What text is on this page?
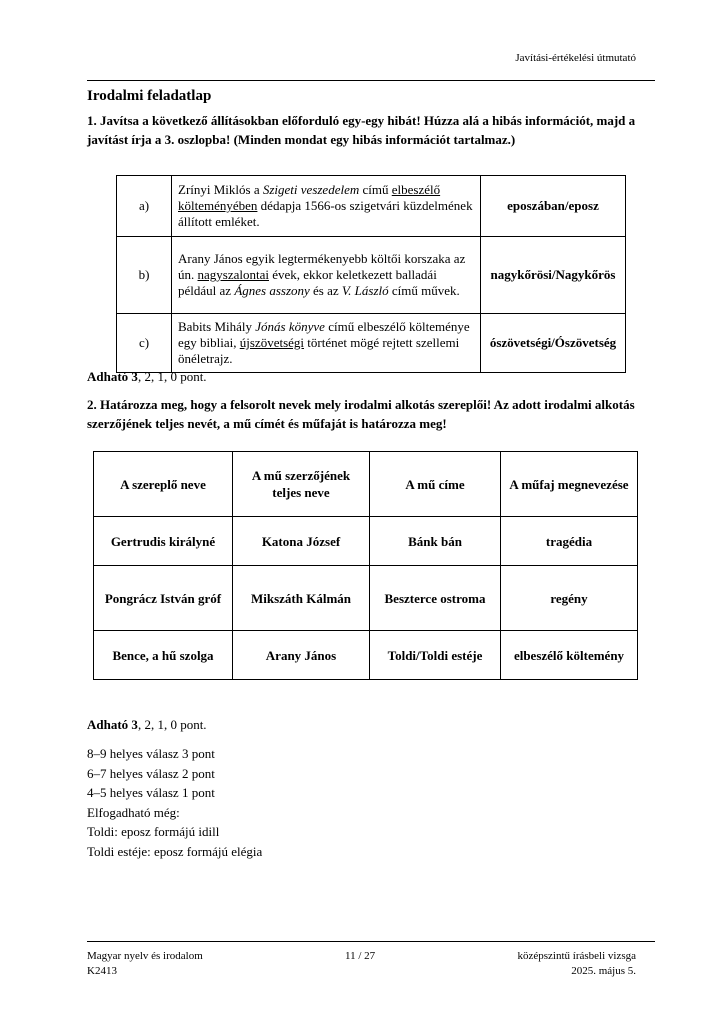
Javítási-értékelési útmutató
Irodalmi feladatlap
1. Javítsa a következő állításokban előforduló egy-egy hibát! Húzza alá a hibás információt, majd a javítást írja a 3. oszlopba! (Minden mondat egy hibás információt tartalmaz.)
a)	Zrínyi Miklós a Szigeti veszedelem című elbeszélő költeményében dédapja 1566-os szigetvári küzdelmének állított emléket.	eposzában/eposz
b)	Arany János egyik legtermékenyebb költői korszaka az ún. nagyszalontai évek, ekkor keletkezett balladái például az Ágnes asszony és az V. László című művek.	nagykőrösi/Nagykőrös
c)	Babits Mihály Jónás könyve című elbeszélő költeménye egy bibliai, újszövetségi történet mögé rejtett szellemi önéletrajz.	ószövetségi/Ószövetség
Adható 3, 2, 1, 0 pont.
2. Határozza meg, hogy a felsorolt nevek mely irodalmi alkotás szereplői! Az adott irodalmi alkotás szerzőjének teljes nevét, a mű címét és műfaját is határozza meg!
A szereplő neve	A mű szerzőjének teljes neve	A mű címe	A műfaj megnevezése
Gertrudis királyné	Katona József	Bánk bán	tragédia
Pongrácz István gróf	Mikszáth Kálmán	Beszterce ostroma	regény
Bence, a hű szolga	Arany János	Toldi/Toldi estéje	elbeszélő költemény
Adható 3, 2, 1, 0 pont.
8–9 helyes válasz 3 pont
6–7 helyes válasz 2 pont
4–5 helyes válasz 1 pont
Elfogadható még:
Toldi: eposz formájú idill
Toldi estéje: eposz formájú elégia
Magyar nyelv és irodalom
K2413
11 / 27	középszintű írásbeli vizsga
2025. május 5.
